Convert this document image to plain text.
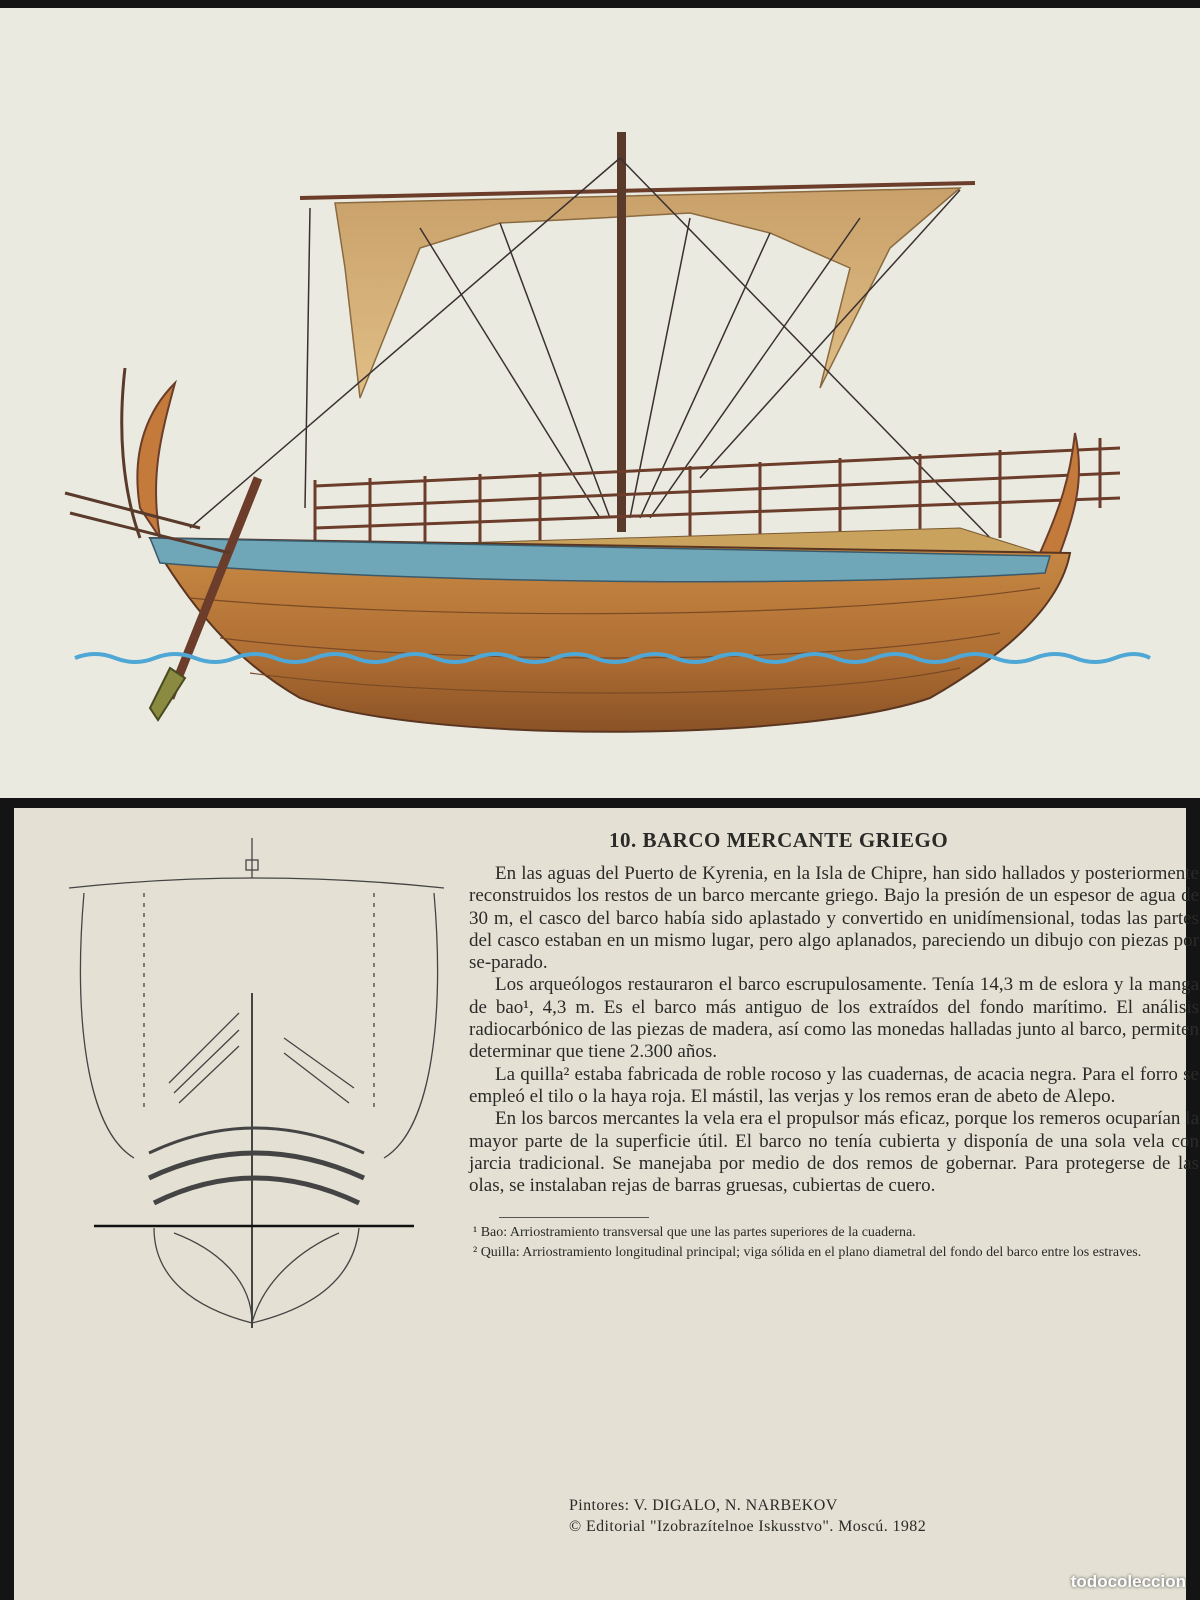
10. BARCO MERCANTE GRIEGO

En las aguas del Puerto de Kyrenia, en la Isla de Chipre, han sido hallados y posteriormente reconstruidos los restos de un barco mercante griego. Bajo la presión de un espesor de agua de 30 m, el casco del barco había sido aplastado y convertido en unidímensional, todas las partes del casco estaban en un mismo lugar, pero algo aplanados, pareciendo un dibujo con piezas por se-parado.

Los arqueólogos restauraron el barco escrupulosamente. Tenía 14,3 m de eslora y la manga de bao¹, 4,3 m. Es el barco más antiguo de los extraídos del fondo marítimo. El análisis radiocarbónico de las piezas de madera, así como las monedas halladas junto al barco, permiten determinar que tiene 2.300 años.

La quilla² estaba fabricada de roble rocoso y las cuadernas, de acacia negra. Para el forro se empleó el tilo o la haya roja. El mástil, las verjas y los remos eran de abeto de Alepo.

En los barcos mercantes la vela era el propulsor más eficaz, porque los remeros ocuparían la mayor parte de la superficie útil. El barco no tenía cubierta y disponía de una sola vela con jarcia tradicional. Se manejaba por medio de dos remos de gobernar. Para protegerse de las olas, se instalaban rejas de barras gruesas, cubiertas de cuero.

¹ Bao: Arriostramiento transversal que une las partes superiores de la cuaderna.

² Quilla: Arriostramiento longitudinal principal; viga sólida en el plano diametral del fondo del barco entre los estraves.

Pintores: V. DIGALO, N. NARBEKOV

© Editorial "Izobrazítelnoe Iskusstvo". Moscú. 1982

todocoleccion
